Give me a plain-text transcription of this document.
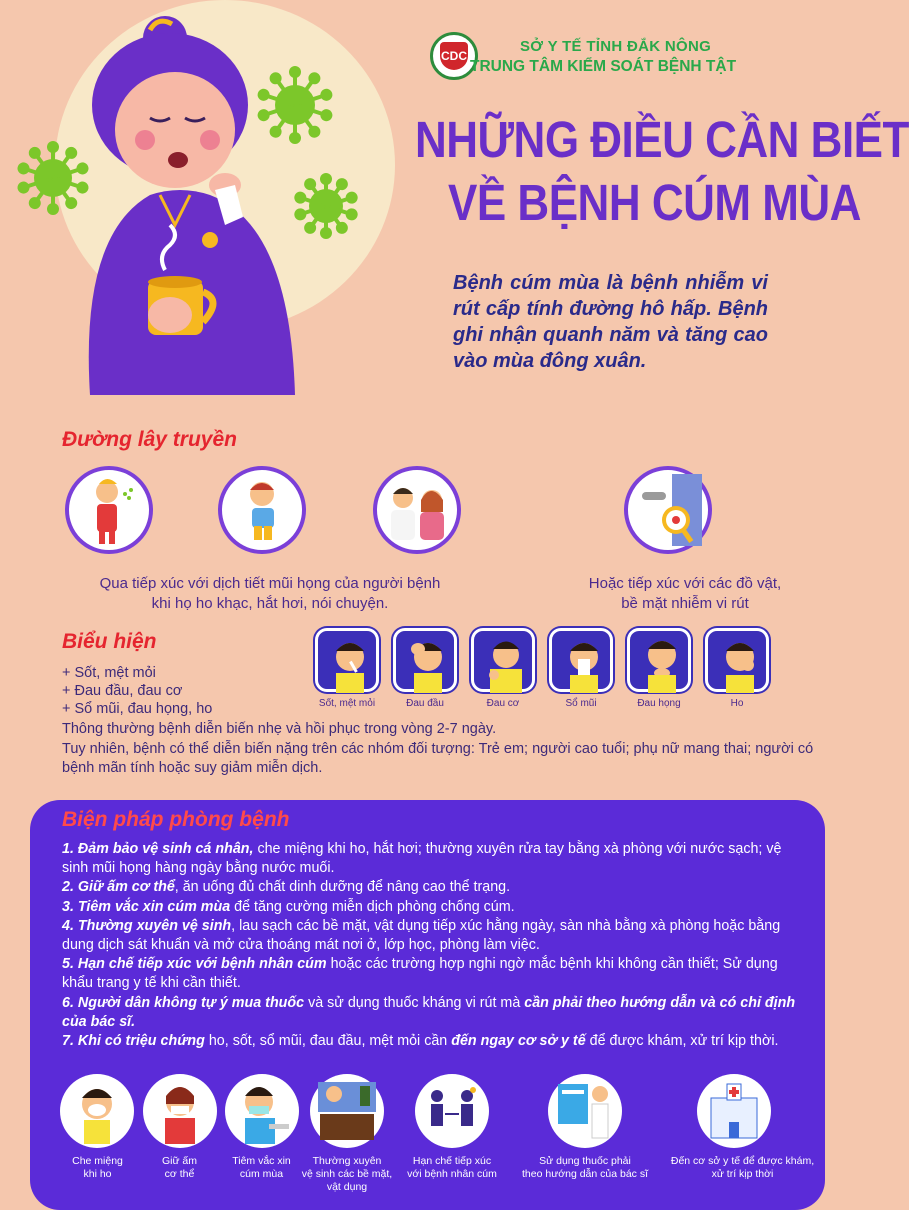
CDC
SỞ Y TẾ TỈNH ĐẮK NÔNG
TRUNG TÂM KIỂM SOÁT BỆNH TẬT
NHỮNG ĐIỀU CẦN BIẾT
VỀ BỆNH CÚM MÙA
Bệnh cúm mùa là bệnh nhiễm vi rút cấp tính đường hô hấp. Bệnh ghi nhận quanh năm và tăng cao vào mùa đông xuân.
Đường lây truyền
Qua tiếp xúc với dịch tiết mũi họng của người bệnh
khi họ ho khạc, hắt hơi, nói chuyện.
Hoặc tiếp xúc với các đồ vật,
bề mặt nhiễm vi rút
Biểu hiện
+ Sốt, mệt mỏi
+ Đau đầu, đau cơ
+ Sổ mũi, đau họng, ho	Sốt, mệt mỏi	Đau đầu	Đau cơ	Sổ mũi	Đau họng	Ho
Thông thường bệnh diễn biến nhẹ và hồi phục trong vòng 2-7 ngày.
Tuy nhiên, bệnh có thể diễn biến nặng trên các nhóm đối tượng: Trẻ em; người cao tuổi; phụ nữ mang thai; người có bệnh mãn tính hoặc suy giảm miễn dịch.
Biện pháp phòng bệnh

1. Đảm bảo vệ sinh cá nhân, che miệng khi ho, hắt hơi; thường xuyên rửa tay bằng xà phòng với nước sạch; vệ sinh mũi họng hàng ngày bằng nước muối.

2. Giữ ấm cơ thể, ăn uống đủ chất dinh dưỡng để nâng cao thể trạng.

3. Tiêm vắc xin cúm mùa để tăng cường miễn dịch phòng chống cúm.

4. Thường xuyên vệ sinh, lau sạch các bề mặt, vật dụng tiếp xúc hằng ngày, sàn nhà bằng xà phòng hoặc bằng dung dịch sát khuẩn và mở cửa thoáng mát nơi ở, lớp học, phòng làm việc.

5. Hạn chế tiếp xúc với bệnh nhân cúm hoặc các trường hợp nghi ngờ mắc bệnh khi không cần thiết; Sử dụng khẩu trang y tế khi cần thiết.

6. Người dân không tự ý mua thuốc và sử dụng thuốc kháng vi rút mà cần phải theo hướng dẫn và có chỉ định của bác sĩ.

7. Khi có triệu chứng ho, sốt, sổ mũi, đau đầu, mệt mỏi cần đến ngay cơ sở y tế để được khám, xử trí kịp thời.

Che miệng
khi ho
Giữ ấm
cơ thể
Tiêm vắc xin
cúm mùa
Thường xuyên
vệ sinh các bề mặt,
vật dụng
Hạn chế tiếp xúc
với bệnh nhân cúm
Sử dụng thuốc phải
theo hướng dẫn của bác sĩ
Đến cơ sở y tế để được khám,
xử trí kịp thời
